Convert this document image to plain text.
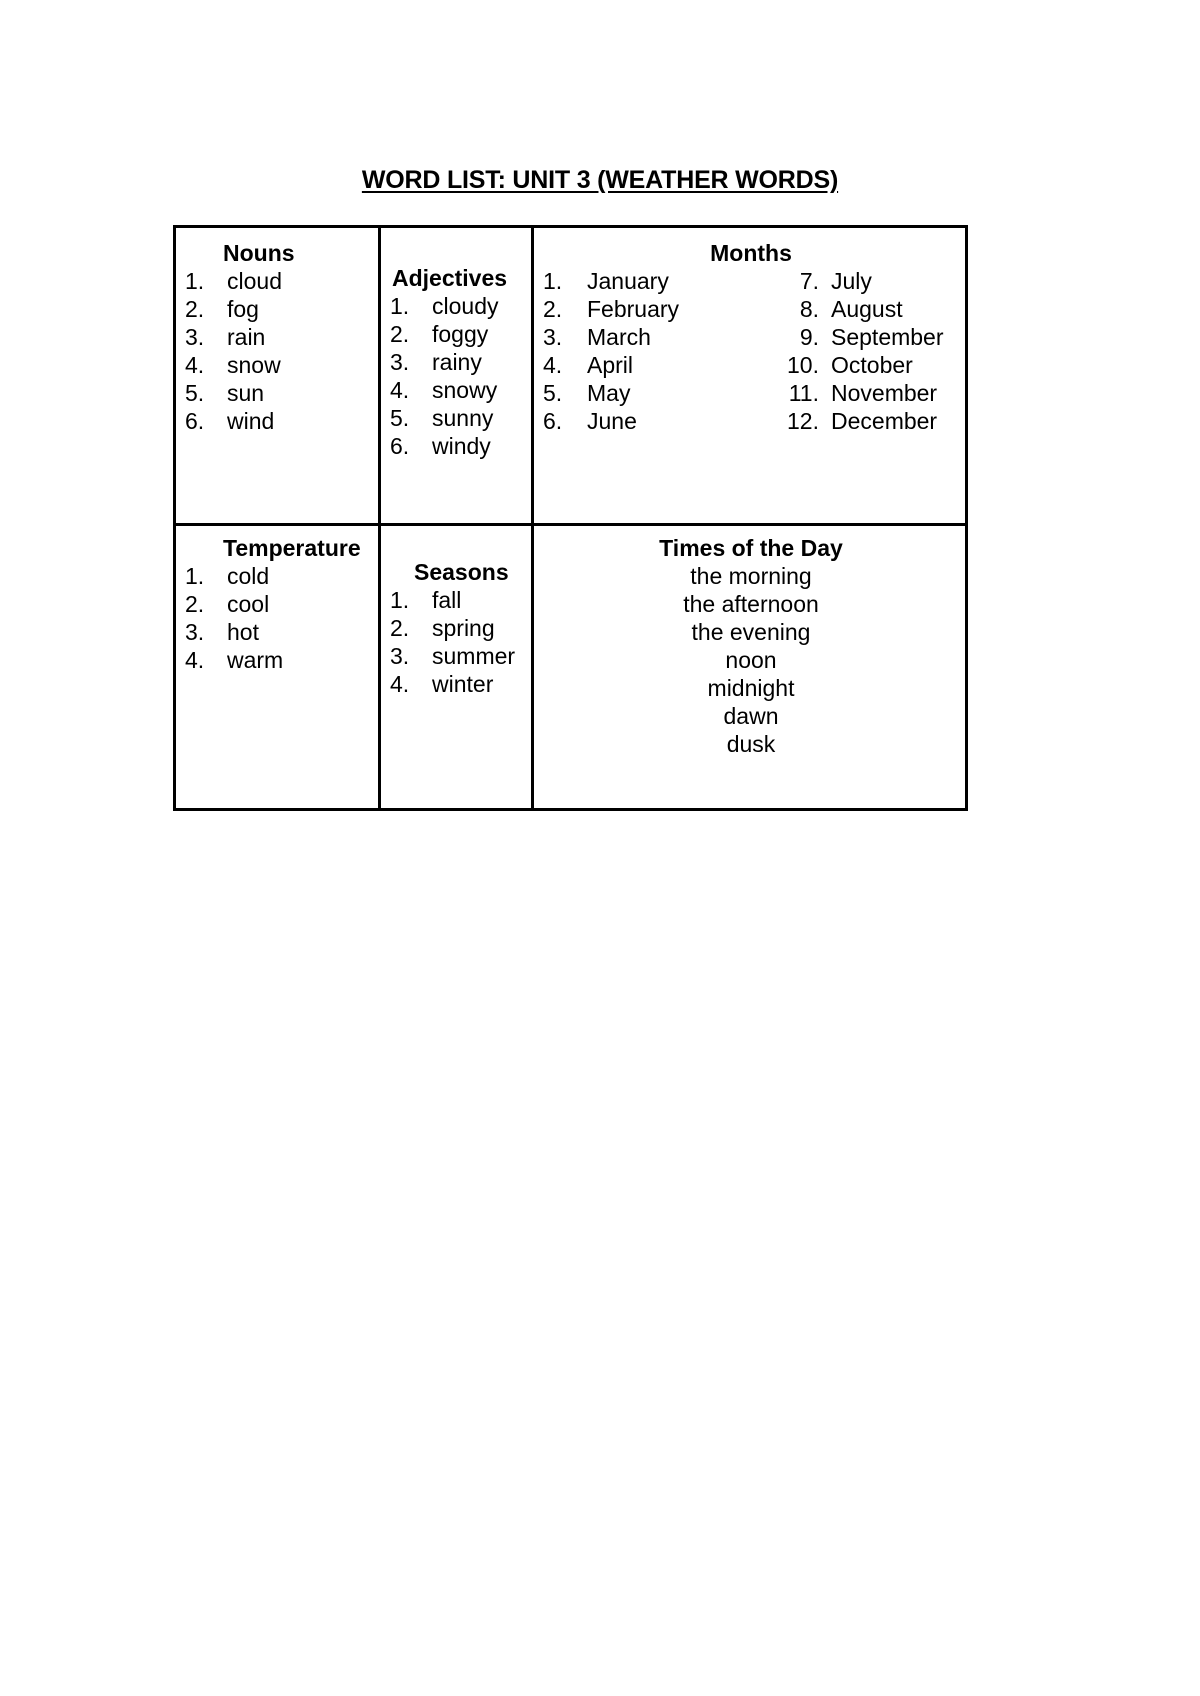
WORD LIST: UNIT 3 (WEATHER WORDS)
Nouns
1. cloud
2. fog
3. rain
4. snow
5. sun
6. wind
Adjectives
1. cloudy
2. foggy
3. rainy
4. snowy
5. sunny
6. windy
Months
1.	January
2.	February
3.	March
4.	April
5.	May
6.	June
7. July
8. August
9. September
10. October
11. November
12. December
Temperature
1. cold
2. cool
3. hot
4. warm
Seasons
1. fall
2. spring
3. summer
4. winter
Times of the Day
the morning
the afternoon
the evening
noon
midnight
dawn
dusk
